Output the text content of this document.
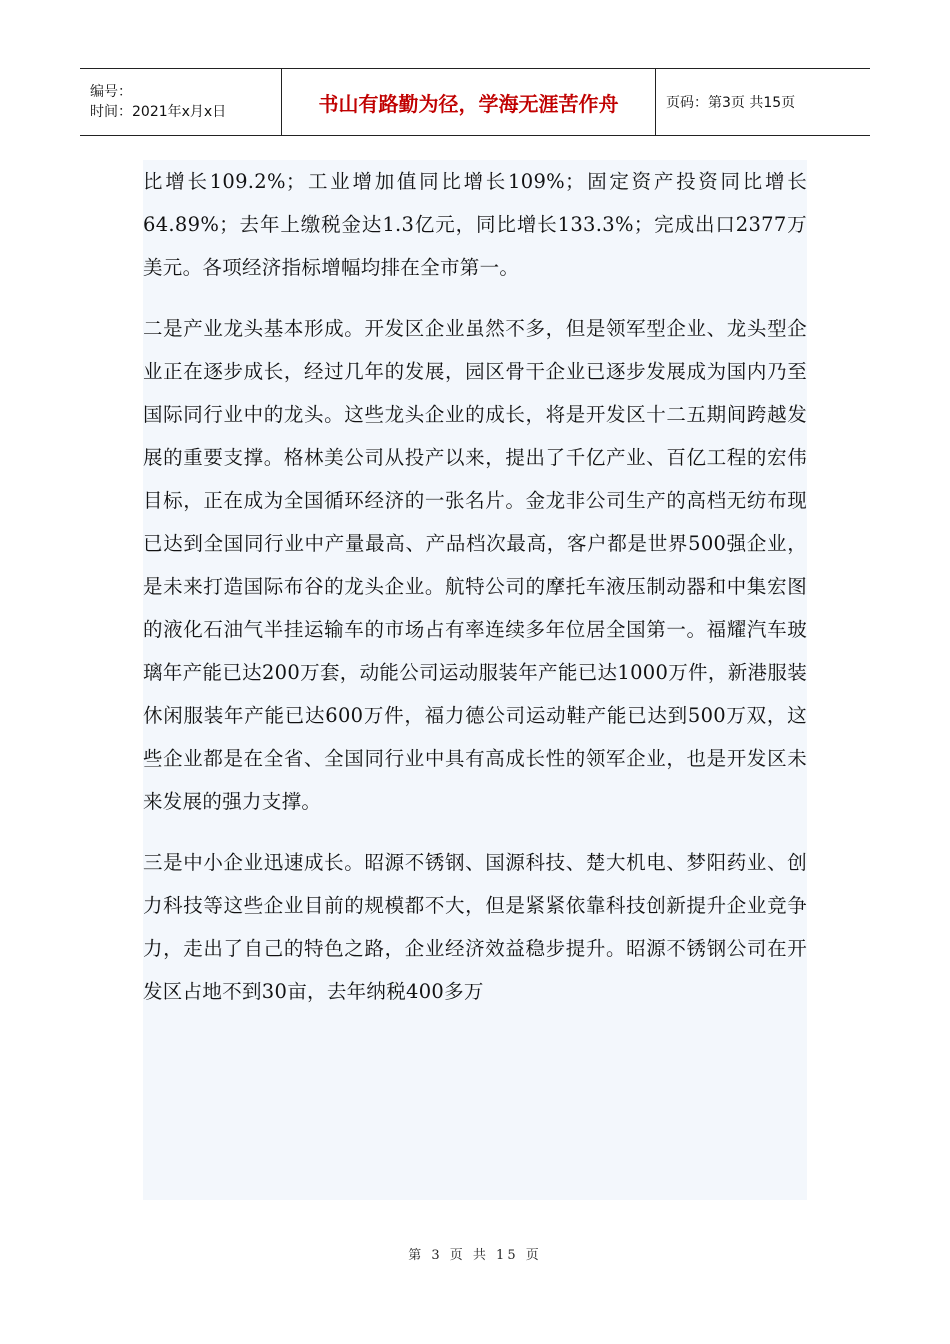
编号：
时间：2021年x月x日	书山有路勤为径，学海无涯苦作舟	页码：第3页 共15页

比增长109.2%；工业增加值同比增长109%；固定资产投资同比增长64.89%；去年上缴税金达1.3亿元，同比增长133.3%；完成出口2377万美元。各项经济指标增幅均排在全市第一。

二是产业龙头基本形成。开发区企业虽然不多，但是领军型企业、龙头型企业正在逐步成长，经过几年的发展，园区骨干企业已逐步发展成为国内乃至国际同行业中的龙头。这些龙头企业的成长，将是开发区十二五期间跨越发展的重要支撑。格林美公司从投产以来，提出了千亿产业、百亿工程的宏伟目标，正在成为全国循环经济的一张名片。金龙非公司生产的高档无纺布现已达到全国同行业中产量最高、产品档次最高，客户都是世界500强企业，是未来打造国际布谷的龙头企业。航特公司的摩托车液压制动器和中集宏图的液化石油气半挂运输车的市场占有率连续多年位居全国第一。福耀汽车玻璃年产能已达200万套，动能公司运动服装年产能已达1000万件，新港服装休闲服装年产能已达600万件，福力德公司运动鞋产能已达到500万双，这些企业都是在全省、全国同行业中具有高成长性的领军企业，也是开发区未来发展的强力支撑。

三是中小企业迅速成长。昭源不锈钢、国源科技、楚大机电、梦阳药业、创力科技等这些企业目前的规模都不大，但是紧紧依靠科技创新提升企业竞争力，走出了自己的特色之路，企业经济效益稳步提升。昭源不锈钢公司在开发区占地不到30亩，去年纳税400多万

第 3 页 共 15 页
